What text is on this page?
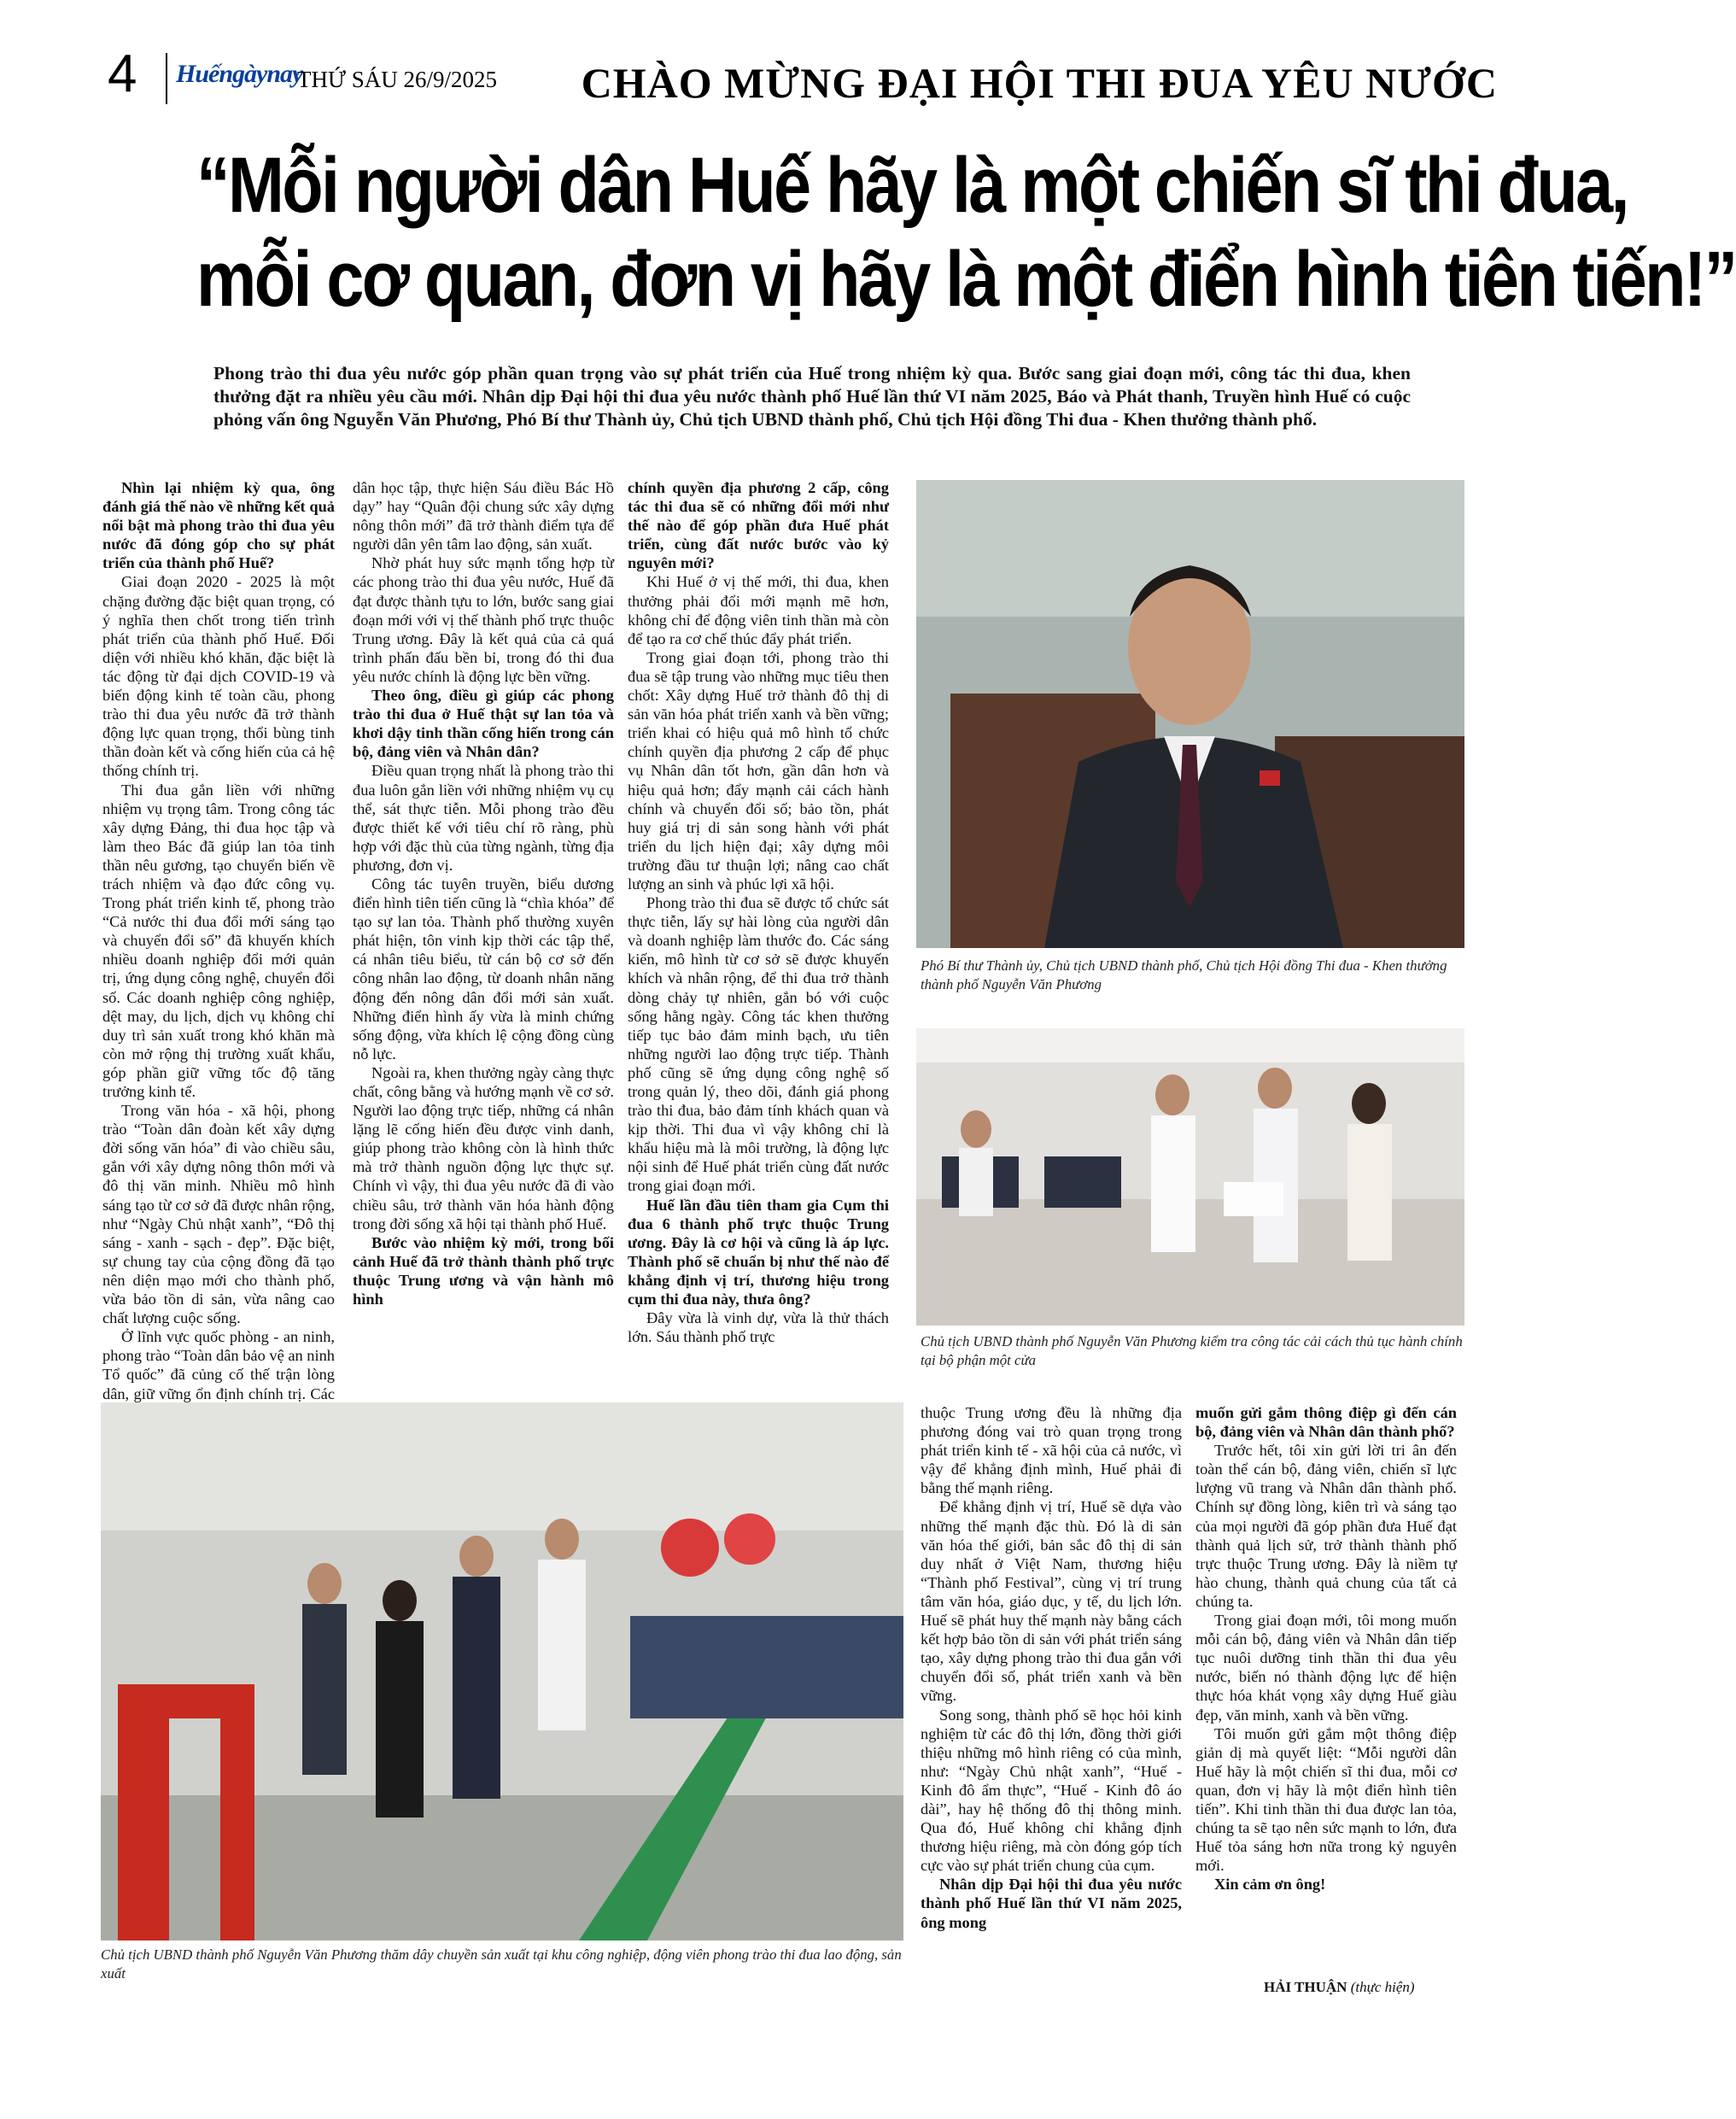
4 Huếngàynay
THỨ SÁU 26/9/2025 CHÀO MỪNG ĐẠI HỘI THI ĐUA YÊU NƯỚC
“Mỗi người dân Huế hãy là một chiến sĩ thi đua,
mỗi cơ quan, đơn vị hãy là một điển hình tiên tiến!”
Phong trào thi đua yêu nước góp phần quan trọng vào sự phát triển của Huế trong nhiệm kỳ qua. Bước sang giai đoạn mới, công tác thi đua, khen thưởng đặt ra nhiều yêu cầu mới. Nhân dịp Đại hội thi đua yêu nước thành phố Huế lần thứ VI năm 2025, Báo và Phát thanh, Truyền hình Huế có cuộc phỏng vấn ông Nguyễn Văn Phương, Phó Bí thư Thành ủy, Chủ tịch UBND thành phố, Chủ tịch Hội đồng Thi đua - Khen thưởng thành phố.

Nhìn lại nhiệm kỳ qua, ông đánh giá thế nào về những kết quả nổi bật mà phong trào thi đua yêu nước đã đóng góp cho sự phát triển của thành phố Huế?

Giai đoạn 2020 - 2025 là một chặng đường đặc biệt quan trọng, có ý nghĩa then chốt trong tiến trình phát triển của thành phố Huế. Đối diện với nhiều khó khăn, đặc biệt là tác động từ đại dịch COVID-19 và biến động kinh tế toàn cầu, phong trào thi đua yêu nước đã trở thành động lực quan trọng, thổi bùng tinh thần đoàn kết và cống hiến của cả hệ thống chính trị.

Thi đua gắn liền với những nhiệm vụ trọng tâm. Trong công tác xây dựng Đảng, thi đua học tập và làm theo Bác đã giúp lan tỏa tinh thần nêu gương, tạo chuyển biến về trách nhiệm và đạo đức công vụ. Trong phát triển kinh tế, phong trào “Cả nước thi đua đổi mới sáng tạo và chuyển đổi số” đã khuyến khích nhiều doanh nghiệp đổi mới quản trị, ứng dụng công nghệ, chuyển đổi số. Các doanh nghiệp công nghiệp, dệt may, du lịch, dịch vụ không chỉ duy trì sản xuất trong khó khăn mà còn mở rộng thị trường xuất khẩu, góp phần giữ vững tốc độ tăng trưởng kinh tế.

Trong văn hóa - xã hội, phong trào “Toàn dân đoàn kết xây dựng đời sống văn hóa” đi vào chiều sâu, gắn với xây dựng nông thôn mới và đô thị văn minh. Nhiều mô hình sáng tạo từ cơ sở đã được nhân rộng, như “Ngày Chủ nhật xanh”, “Đô thị sáng - xanh - sạch - đẹp”. Đặc biệt, sự chung tay của cộng đồng đã tạo nên diện mạo mới cho thành phố, vừa bảo tồn di sản, vừa nâng cao chất lượng cuộc sống.

Ở lĩnh vực quốc phòng - an ninh, phong trào “Toàn dân bảo vệ an ninh Tổ quốc” đã củng cố thế trận lòng dân, giữ vững ổn định chính trị. Các

dân học tập, thực hiện Sáu điều Bác Hồ dạy” hay “Quân đội chung sức xây dựng nông thôn mới” đã trở thành điểm tựa để người dân yên tâm lao động, sản xuất.

Nhờ phát huy sức mạnh tổng hợp từ các phong trào thi đua yêu nước, Huế đã đạt được thành tựu to lớn, bước sang giai đoạn mới với vị thế thành phố trực thuộc Trung ương. Đây là kết quả của cả quá trình phấn đấu bền bỉ, trong đó thi đua yêu nước chính là động lực bền vững.

Theo ông, điều gì giúp các phong trào thi đua ở Huế thật sự lan tỏa và khơi dậy tinh thần cống hiến trong cán bộ, đảng viên và Nhân dân?

Điều quan trọng nhất là phong trào thi đua luôn gắn liền với những nhiệm vụ cụ thể, sát thực tiễn. Mỗi phong trào đều được thiết kế với tiêu chí rõ ràng, phù hợp với đặc thù của từng ngành, từng địa phương, đơn vị.

Công tác tuyên truyền, biểu dương điển hình tiên tiến cũng là “chìa khóa” để tạo sự lan tỏa. Thành phố thường xuyên phát hiện, tôn vinh kịp thời các tập thể, cá nhân tiêu biểu, từ cán bộ cơ sở đến công nhân lao động, từ doanh nhân năng động đến nông dân đổi mới sản xuất. Những điển hình ấy vừa là minh chứng sống động, vừa khích lệ cộng đồng cùng nỗ lực.

Ngoài ra, khen thưởng ngày càng thực chất, công bằng và hướng mạnh về cơ sở. Người lao động trực tiếp, những cá nhân lặng lẽ cống hiến đều được vinh danh, giúp phong trào không còn là hình thức mà trở thành nguồn động lực thực sự. Chính vì vậy, thi đua yêu nước đã đi vào chiều sâu, trở thành văn hóa hành động trong đời sống xã hội tại thành phố Huế.

Bước vào nhiệm kỳ mới, trong bối cảnh Huế đã trở thành thành phố trực thuộc Trung ương và vận hành mô hình

chính quyền địa phương 2 cấp, công tác thi đua sẽ có những đổi mới như thế nào để góp phần đưa Huế phát triển, cùng đất nước bước vào kỷ nguyên mới?

Khi Huế ở vị thế mới, thi đua, khen thưởng phải đổi mới mạnh mẽ hơn, không chỉ để động viên tinh thần mà còn để tạo ra cơ chế thúc đẩy phát triển.

Trong giai đoạn tới, phong trào thi đua sẽ tập trung vào những mục tiêu then chốt: Xây dựng Huế trở thành đô thị di sản văn hóa phát triển xanh và bền vững; triển khai có hiệu quả mô hình tổ chức chính quyền địa phương 2 cấp để phục vụ Nhân dân tốt hơn, gần dân hơn và hiệu quả hơn; đẩy mạnh cải cách hành chính và chuyển đổi số; bảo tồn, phát huy giá trị di sản song hành với phát triển du lịch hiện đại; xây dựng môi trường đầu tư thuận lợi; nâng cao chất lượng an sinh và phúc lợi xã hội.

Phong trào thi đua sẽ được tổ chức sát thực tiễn, lấy sự hài lòng của người dân và doanh nghiệp làm thước đo. Các sáng kiến, mô hình từ cơ sở sẽ được khuyến khích và nhân rộng, để thi đua trở thành dòng chảy tự nhiên, gắn bó với cuộc sống hằng ngày. Công tác khen thưởng tiếp tục bảo đảm minh bạch, ưu tiên những người lao động trực tiếp. Thành phố cũng sẽ ứng dụng công nghệ số trong quản lý, theo dõi, đánh giá phong trào thi đua, bảo đảm tính khách quan và kịp thời. Thi đua vì vậy không chỉ là khẩu hiệu mà là môi trường, là động lực nội sinh để Huế phát triển cùng đất nước trong giai đoạn mới.

Huế lần đầu tiên tham gia Cụm thi đua 6 thành phố trực thuộc Trung ương. Đây là cơ hội và cũng là áp lực. Thành phố sẽ chuẩn bị như thế nào để khẳng định vị trí, thương hiệu trong cụm thi đua này, thưa ông?

Đây vừa là vinh dự, vừa là thử thách lớn. Sáu thành phố trực

Phó Bí thư Thành ủy, Chủ tịch UBND thành phố, Chủ tịch Hội đồng Thi đua - Khen thưởng thành phố Nguyễn Văn Phương
Chủ tịch UBND thành phố Nguyễn Văn Phương kiểm tra công tác cải cách thủ tục hành chính tại bộ phận một cửa
Chủ tịch UBND thành phố Nguyễn Văn Phương thăm dây chuyền sản xuất tại khu công nghiệp, động viên phong trào thi đua lao động, sản xuất

thuộc Trung ương đều là những địa phương đóng vai trò quan trọng trong phát triển kinh tế - xã hội của cả nước, vì vậy để khẳng định mình, Huế phải đi bằng thế mạnh riêng.

Để khẳng định vị trí, Huế sẽ dựa vào những thế mạnh đặc thù. Đó là di sản văn hóa thế giới, bản sắc đô thị di sản duy nhất ở Việt Nam, thương hiệu “Thành phố Festival”, cùng vị trí trung tâm văn hóa, giáo dục, y tế, du lịch lớn. Huế sẽ phát huy thế mạnh này bằng cách kết hợp bảo tồn di sản với phát triển sáng tạo, xây dựng phong trào thi đua gắn với chuyển đổi số, phát triển xanh và bền vững.

Song song, thành phố sẽ học hỏi kinh nghiệm từ các đô thị lớn, đồng thời giới thiệu những mô hình riêng có của mình, như: “Ngày Chủ nhật xanh”, “Huế - Kinh đô ẩm thực”, “Huế - Kinh đô áo dài”, hay hệ thống đô thị thông minh. Qua đó, Huế không chỉ khẳng định thương hiệu riêng, mà còn đóng góp tích cực vào sự phát triển chung của cụm.

Nhân dịp Đại hội thi đua yêu nước thành phố Huế lần thứ VI năm 2025, ông mong

muốn gửi gắm thông điệp gì đến cán bộ, đảng viên và Nhân dân thành phố?

Trước hết, tôi xin gửi lời tri ân đến toàn thể cán bộ, đảng viên, chiến sĩ lực lượng vũ trang và Nhân dân thành phố. Chính sự đồng lòng, kiên trì và sáng tạo của mọi người đã góp phần đưa Huế đạt thành quả lịch sử, trở thành thành phố trực thuộc Trung ương. Đây là niềm tự hào chung, thành quả chung của tất cả chúng ta.

Trong giai đoạn mới, tôi mong muốn mỗi cán bộ, đảng viên và Nhân dân tiếp tục nuôi dưỡng tinh thần thi đua yêu nước, biến nó thành động lực để hiện thực hóa khát vọng xây dựng Huế giàu đẹp, văn minh, xanh và bền vững.

Tôi muốn gửi gắm một thông điệp giản dị mà quyết liệt: “Mỗi người dân Huế hãy là một chiến sĩ thi đua, mỗi cơ quan, đơn vị hãy là một điển hình tiên tiến”. Khi tinh thần thi đua được lan tỏa, chúng ta sẽ tạo nên sức mạnh to lớn, đưa Huế tỏa sáng hơn nữa trong kỷ nguyên mới.

Xin cảm ơn ông!

HẢI THUẬN (thực hiện)
